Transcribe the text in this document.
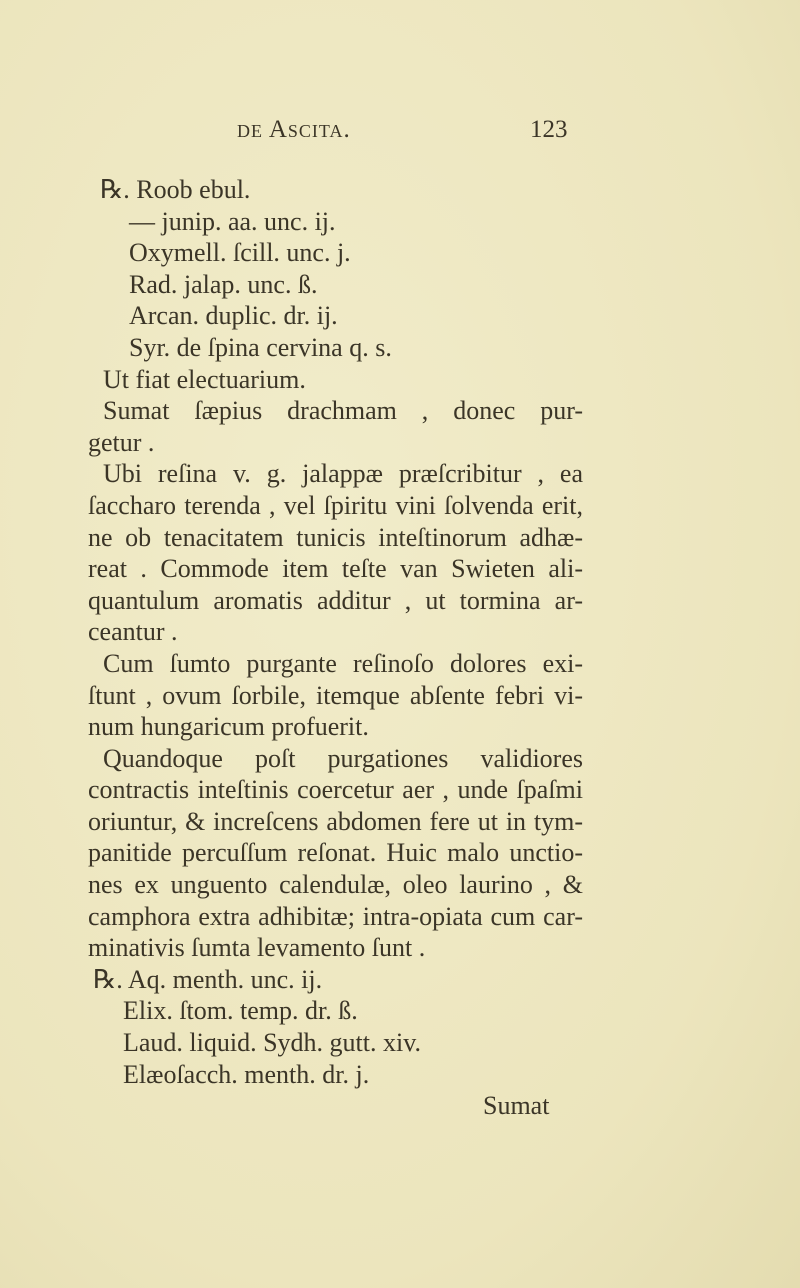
de Ascita.	123
℞. Roob ebul.
— junip. aa. unc. ij.
Oxymell. ſcill. unc. j.
Rad. jalap. unc. ß.
Arcan. duplic. dr. ij.
Syr. de ſpina cervina q. s.
Ut fiat electuarium.
Sumat ſæpius drachmam , donec pur-
getur .
Ubi reſina v. g. jalappæ præſcribitur , ea
ſaccharo terenda , vel ſpiritu vini ſolvenda erit,
ne ob tenacitatem tunicis inteſtinorum adhæ-
reat . Commode item teſte van Swieten ali-
quantulum aromatis additur , ut tormina ar-
ceantur .
Cum ſumto purgante reſinoſo dolores exi-
ſtunt , ovum ſorbile, itemque abſente febri vi-
num hungaricum profuerit.
Quandoque poſt purgationes validiores
contractis inteſtinis coercetur aer , unde ſpaſmi
oriuntur, & increſcens abdomen fere ut in tym-
panitide percuſſum reſonat. Huic malo unctio-
nes ex unguento calendulæ, oleo laurino , &
camphora extra adhibitæ; intra-opiata cum car-
minativis ſumta levamento ſunt .
℞. Aq. menth. unc. ij.
Elix. ſtom. temp. dr. ß.
Laud. liquid. Sydh. gutt. xiv.
Elæoſacch. menth. dr. j.
Sumat
